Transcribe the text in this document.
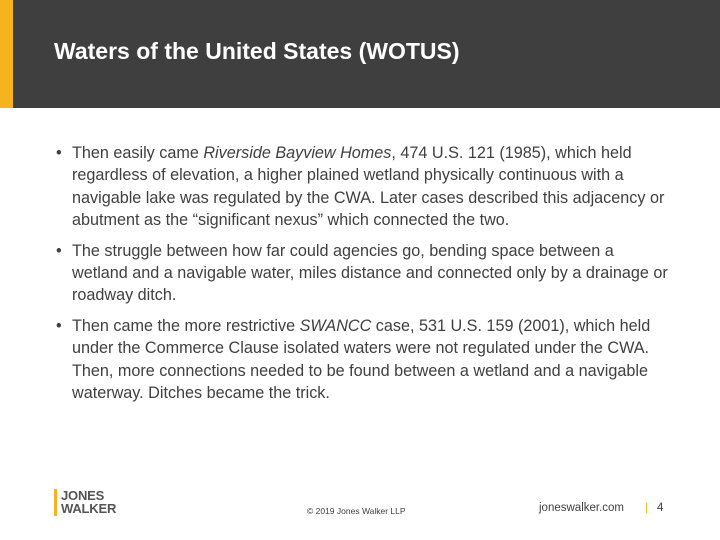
Waters of the United States (WOTUS)
• Then easily came Riverside Bayview Homes, 474 U.S. 121 (1985), which held regardless of elevation, a higher plained wetland physically continuous with a navigable lake was regulated by the CWA. Later cases described this adjacency or abutment as the “significant nexus” which connected the two.
• The struggle between how far could agencies go, bending space between a wetland and a navigable water, miles distance and connected only by a drainage or roadway ditch.
• Then came the more restrictive SWANCC case, 531 U.S. 159 (2001), which held under the Commerce Clause isolated waters were not regulated under the CWA. Then, more connections needed to be found between a wetland and a navigable waterway. Ditches became the trick.
JONES
WALKER	© 2019 Jones Walker LLP	joneswalker.com | 4
